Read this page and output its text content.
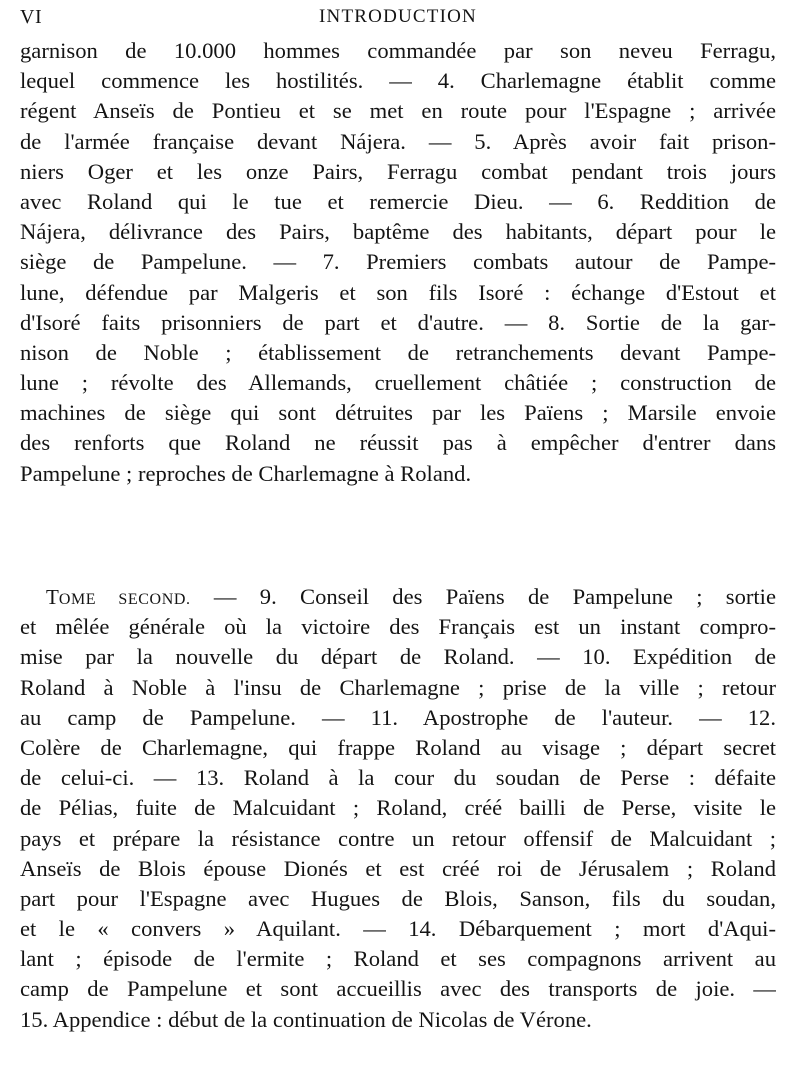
VI	INTRODUCTION
garnison de 10.000 hommes commandée par son neveu Ferragu,
lequel commence les hostilités. — 4. Charlemagne établit comme
régent Anseïs de Pontieu et se met en route pour l'Espagne ; arrivée
de l'armée française devant Nájera. — 5. Après avoir fait prison-
niers Oger et les onze Pairs, Ferragu combat pendant trois jours
avec Roland qui le tue et remercie Dieu. — 6. Reddition de
Nájera, délivrance des Pairs, baptême des habitants, départ pour le
siège de Pampelune. — 7. Premiers combats autour de Pampe-
lune, défendue par Malgeris et son fils Isoré : échange d'Estout et
d'Isoré faits prisonniers de part et d'autre. — 8. Sortie de la gar-
nison de Noble ; établissement de retranchements devant Pampe-
lune ; révolte des Allemands, cruellement châtiée ; construction de
machines de siège qui sont détruites par les Païens ; Marsile envoie
des renforts que Roland ne réussit pas à empêcher d'entrer dans
Pampelune ; reproches de Charlemagne à Roland.
TOME SECOND. — 9. Conseil des Païens de Pampelune ; sortie
et mêlée générale où la victoire des Français est un instant compro-
mise par la nouvelle du départ de Roland. — 10. Expédition de
Roland à Noble à l'insu de Charlemagne ; prise de la ville ; retour
au camp de Pampelune. — 11. Apostrophe de l'auteur. — 12.
Colère de Charlemagne, qui frappe Roland au visage ; départ secret
de celui-ci. — 13. Roland à la cour du soudan de Perse : défaite
de Pélias, fuite de Malcuidant ; Roland, créé bailli de Perse, visite le
pays et prépare la résistance contre un retour offensif de Malcuidant ;
Anseïs de Blois épouse Dionés et est créé roi de Jérusalem ; Roland
part pour l'Espagne avec Hugues de Blois, Sanson, fils du soudan,
et le « convers » Aquilant. — 14. Débarquement ; mort d'Aqui-
lant ; épisode de l'ermite ; Roland et ses compagnons arrivent au
camp de Pampelune et sont accueillis avec des transports de joie. —
15. Appendice : début de la continuation de Nicolas de Vérone.
